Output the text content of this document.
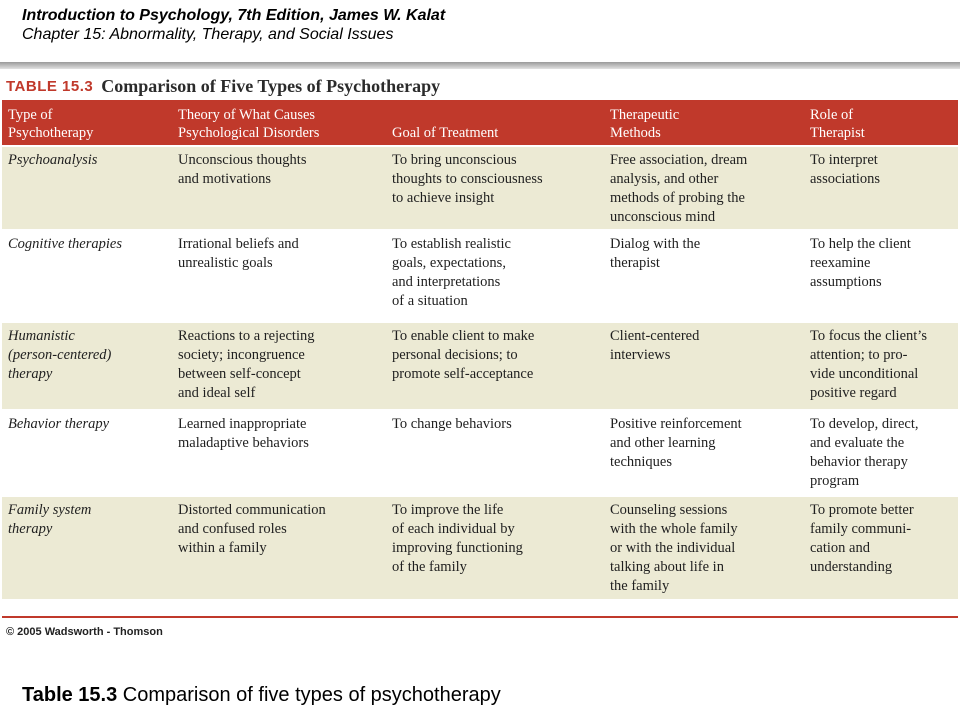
Introduction to Psychology, 7th Edition, James W. Kalat
Chapter 15: Abnormality, Therapy, and Social Issues
TABLE 15.3 Comparison of Five Types of Psychotherapy
Type of
Psychotherapy	Theory of What Causes
Psychological Disorders	Goal of Treatment	Therapeutic
Methods	Role of
Therapist
Psychoanalysis	Unconscious thoughts
and motivations	To bring unconscious
thoughts to consciousness
to achieve insight	Free association, dream
analysis, and other
methods of probing the
unconscious mind	To interpret
associations
Cognitive therapies	Irrational beliefs and
unrealistic goals	To establish realistic
goals, expectations,
and interpretations
of a situation	Dialog with the
therapist	To help the client
reexamine
assumptions
Humanistic
(person-centered)
therapy	Reactions to a rejecting
society; incongruence
between self-concept
and ideal self	To enable client to make
personal decisions; to
promote self-acceptance	Client-centered
interviews	To focus the client’s
attention; to pro-
vide unconditional
positive regard
Behavior therapy	Learned inappropriate
maladaptive behaviors	To change behaviors	Positive reinforcement
and other learning
techniques	To develop, direct,
and evaluate the
behavior therapy
program
Family system
therapy	Distorted communication
and confused roles
within a family	To improve the life
of each individual by
improving functioning
of the family	Counseling sessions
with the whole family
or with the individual
talking about life in
the family	To promote better
family communi-
cation and
understanding
© 2005 Wadsworth - Thomson
Table 15.3 Comparison of five types of psychotherapy
